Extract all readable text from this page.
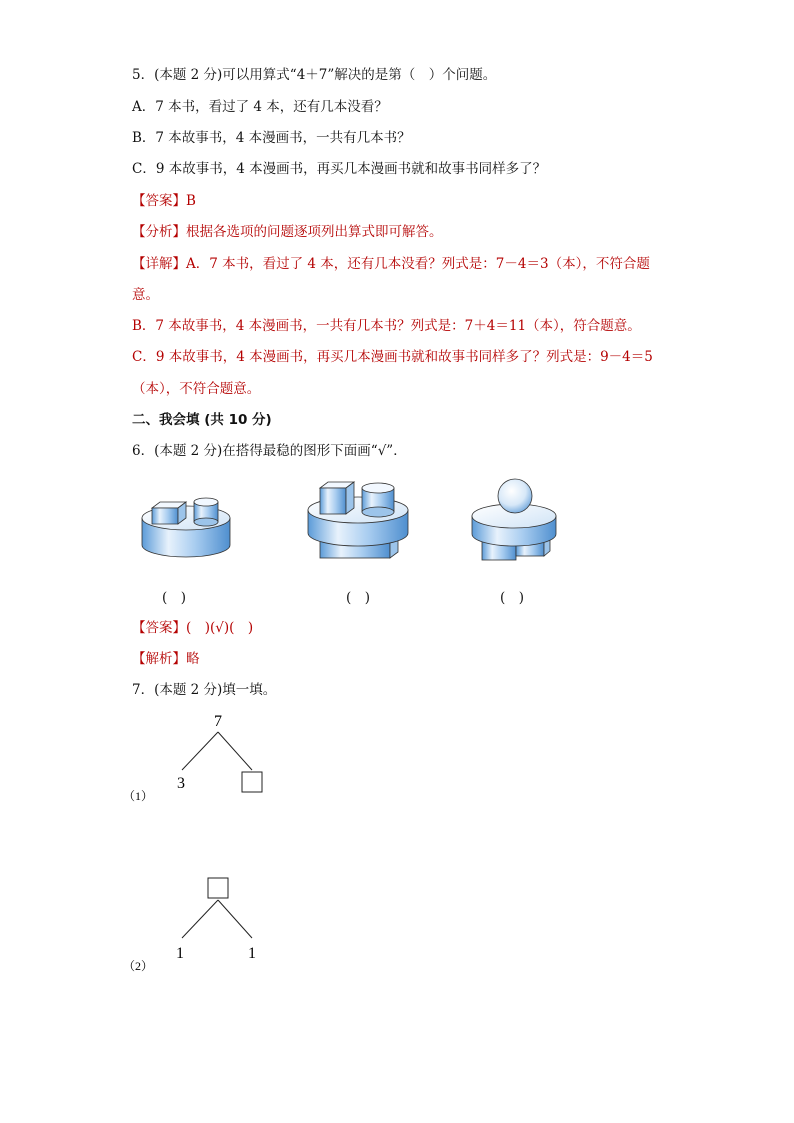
5．(本题 2 分)可以用算式“4＋7”解决的是第（　）个问题。
A．7 本书，看过了 4 本，还有几本没看？
B．7 本故事书，4 本漫画书，一共有几本书？
C．9 本故事书，4 本漫画书，再买几本漫画书就和故事书同样多了？
【答案】B
【分析】根据各选项的问题逐项列出算式即可解答。
【详解】A．7 本书，看过了 4 本，还有几本没看？列式是：7－4＝3（本），不符合题
意。
B．7 本故事书，4 本漫画书，一共有几本书？列式是：7＋4＝11（本），符合题意。
C．9 本故事书，4 本漫画书，再买几本漫画书就和故事书同样多了？列式是：9－4＝5
（本），不符合题意。
二、我会填 (共 10 分)
6．(本题 2 分)在搭得最稳的图形下面画“√”．
(　)	(　)	(　)
【答案】(　)(√)(　)
【解析】略
7．(本题 2 分)填一填。
7
3
（1）
1	1
（2）
